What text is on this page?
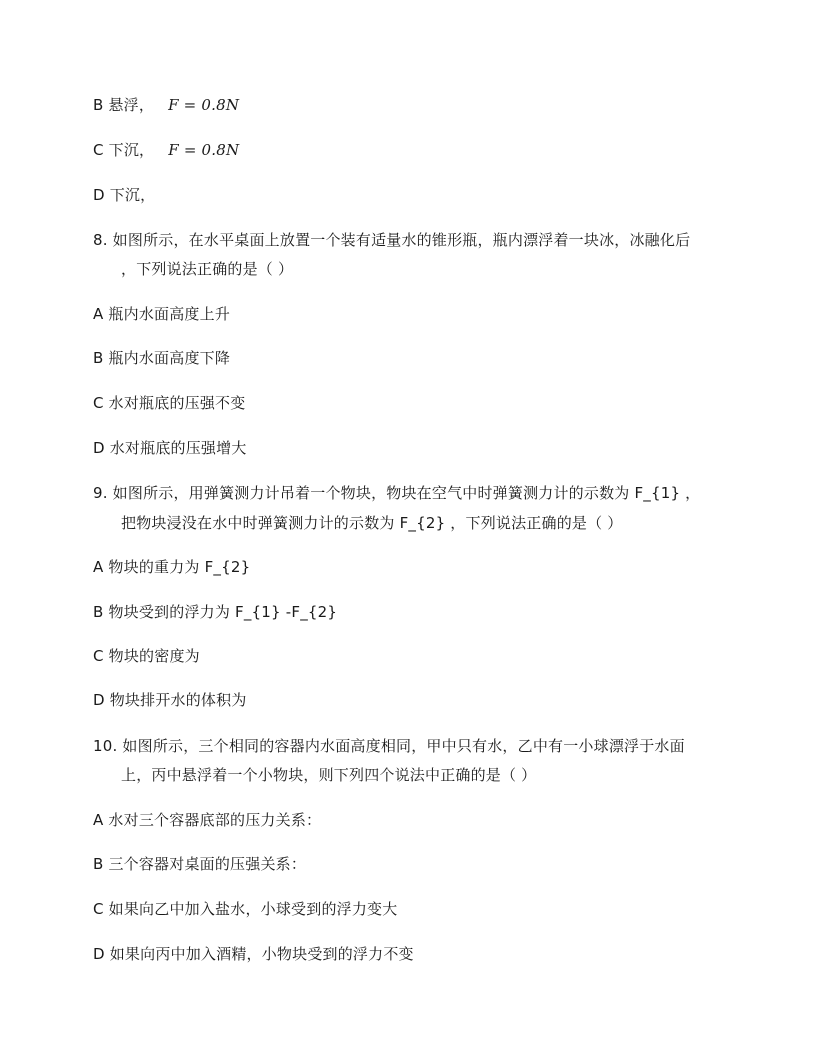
B 悬浮， F = 0.8N
C 下沉， F = 0.8N
D 下沉，
8. 如图所示，在水平桌面上放置一个装有适量水的锥形瓶，瓶内漂浮着一块冰，冰融化后
，下列说法正确的是（ ）
A 瓶内水面高度上升
B 瓶内水面高度下降
C 水对瓶底的压强不变
D 水对瓶底的压强增大
9. 如图所示，用弹簧测力计吊着一个物块，物块在空气中时弹簧测力计的示数为 F_{1} ，
把物块浸没在水中时弹簧测力计的示数为 F_{2} ，下列说法正确的是（ ）
A 物块的重力为 F_{2}
B 物块受到的浮力为 F_{1} -F_{2}
C 物块的密度为
D 物块排开水的体积为
10. 如图所示，三个相同的容器内水面高度相同，甲中只有水，乙中有一小球漂浮于水面
上，丙中悬浮着一个小物块，则下列四个说法中正确的是（ ）
A 水对三个容器底部的压力关系：
B 三个容器对桌面的压强关系：
C 如果向乙中加入盐水，小球受到的浮力变大
D 如果向丙中加入酒精，小物块受到的浮力不变
